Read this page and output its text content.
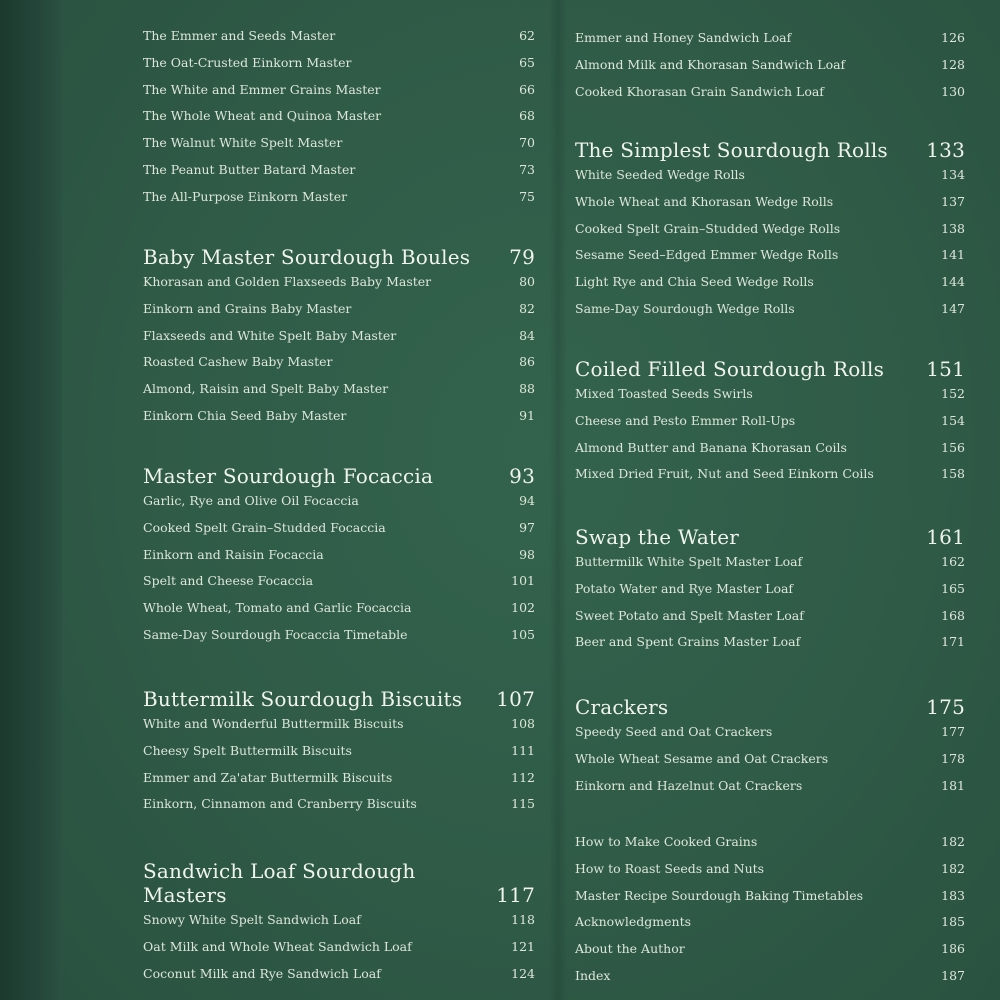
The Emmer and Seeds Master	62
The Oat-Crusted Einkorn Master	65
The White and Emmer Grains Master	66
The Whole Wheat and Quinoa Master	68
The Walnut White Spelt Master	70
The Peanut Butter Batard Master	73
The All-Purpose Einkorn Master	75
Baby Master Sourdough Boules 79
Khorasan and Golden Flaxseeds Baby Master	80
Einkorn and Grains Baby Master	82
Flaxseeds and White Spelt Baby Master	84
Roasted Cashew Baby Master	86
Almond, Raisin and Spelt Baby Master	88
Einkorn Chia Seed Baby Master	91
Master Sourdough Focaccia	93
Garlic, Rye and Olive Oil Focaccia	94
Cooked Spelt Grain–Studded Focaccia	97
Einkorn and Raisin Focaccia	98
Spelt and Cheese Focaccia	101
Whole Wheat, Tomato and Garlic Focaccia	102
Same-Day Sourdough Focaccia Timetable	105
Buttermilk Sourdough Biscuits 107
White and Wonderful Buttermilk Biscuits	108
Cheesy Spelt Buttermilk Biscuits	111
Emmer and Za'atar Buttermilk Biscuits	112
Einkorn, Cinnamon and Cranberry Biscuits	115
Sandwich Loaf Sourdough Masters	117
Snowy White Spelt Sandwich Loaf	118
Oat Milk and Whole Wheat Sandwich Loaf	121
Coconut Milk and Rye Sandwich Loaf	124
Emmer and Honey Sandwich Loaf	126
Almond Milk and Khorasan Sandwich Loaf	128
Cooked Khorasan Grain Sandwich Loaf	130
The Simplest Sourdough Rolls 133
White Seeded Wedge Rolls	134
Whole Wheat and Khorasan Wedge Rolls	137
Cooked Spelt Grain–Studded Wedge Rolls	138
Sesame Seed–Edged Emmer Wedge Rolls	141
Light Rye and Chia Seed Wedge Rolls	144
Same-Day Sourdough Wedge Rolls	147
Coiled Filled Sourdough Rolls 151
Mixed Toasted Seeds Swirls	152
Cheese and Pesto Emmer Roll-Ups	154
Almond Butter and Banana Khorasan Coils	156
Mixed Dried Fruit, Nut and Seed Einkorn Coils	158
Swap the Water	161
Buttermilk White Spelt Master Loaf	162
Potato Water and Rye Master Loaf	165
Sweet Potato and Spelt Master Loaf	168
Beer and Spent Grains Master Loaf	171
Crackers	175
Speedy Seed and Oat Crackers	177
Whole Wheat Sesame and Oat Crackers	178
Einkorn and Hazelnut Oat Crackers	181
How to Make Cooked Grains	182
How to Roast Seeds and Nuts	182
Master Recipe Sourdough Baking Timetables	183
Acknowledgments	185
About the Author	186
Index	187
